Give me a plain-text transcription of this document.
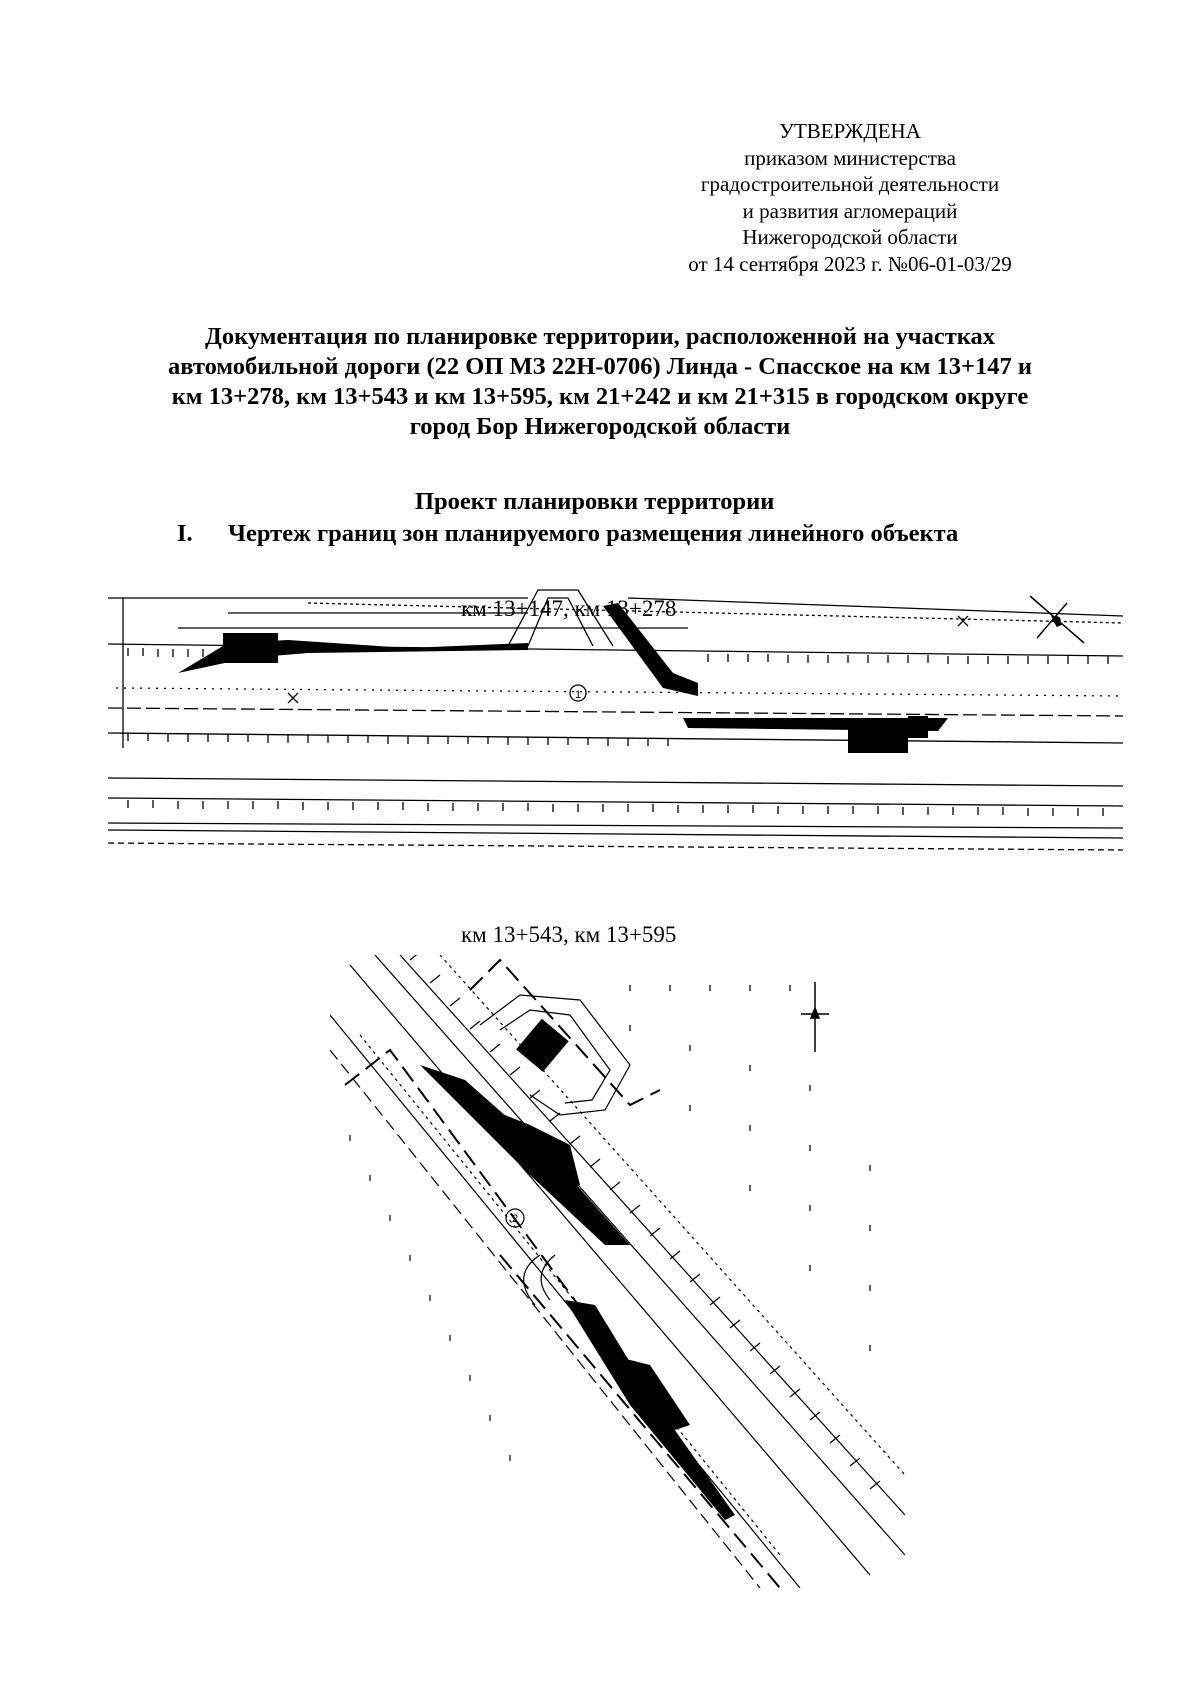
УТВЕРЖДЕНА
приказом министерства
градостроительной деятельности
и развития агломераций
Нижегородской области
от 14 сентября 2023 г. №06-01-03/29
Документация по планировке территории, расположенной на участках
автомобильной дороги (22 ОП МЗ 22Н-0706) Линда - Спасское на км 13+147 и
км 13+278, км 13+543 и км 13+595, км 21+242 и км 21+315 в городском округе
город Бор Нижегородской области
Проект планировки территории
I. Чертеж границ зон планируемого размещения линейного объекта
км 13+147, км 13+278
1
км 13+543, км 13+595
2
